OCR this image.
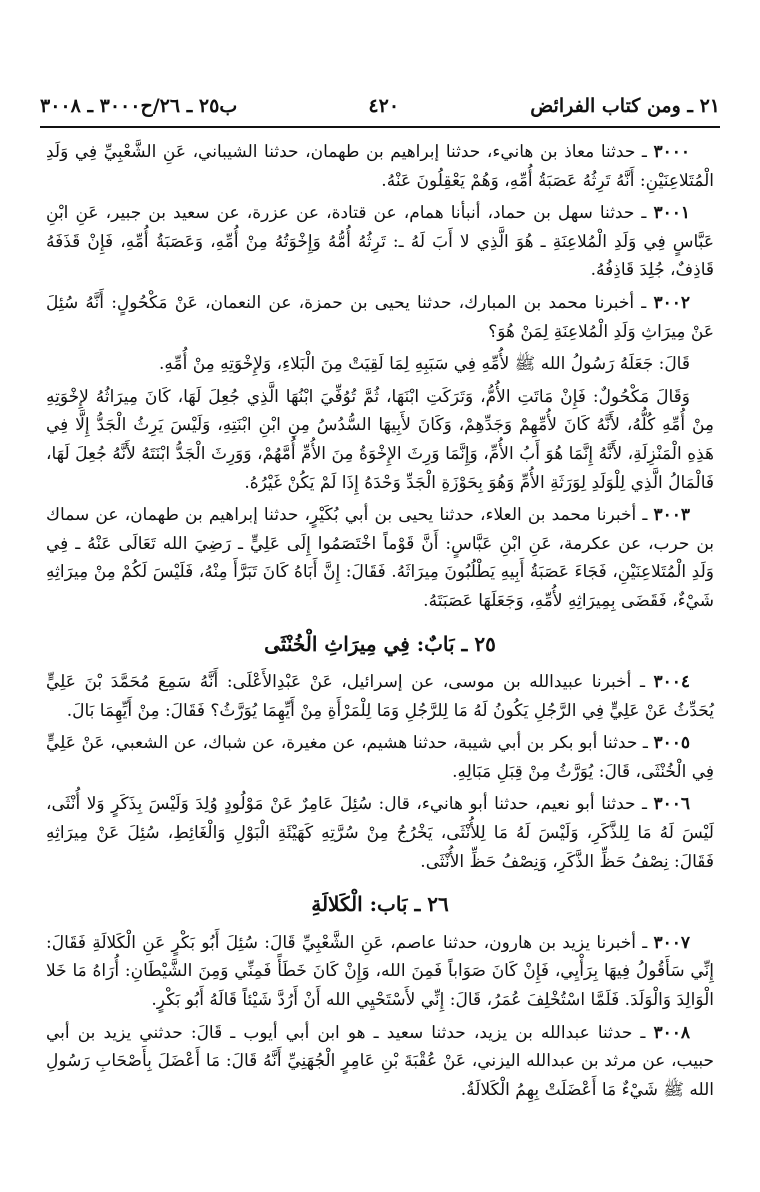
٢١ ـ ومن كتاب الفرائض
٤٢٠
ب٢٥ ـ ٢٦/ح٣٠٠٠ ـ ٣٠٠٨

٣٠٠٠ ـ حدثنا معاذ بن هانيء، حدثنا إبراهيم بن طهمان، حدثنا الشيباني، عَنِ الشَّعْبِيِّ فِي وَلَدِ الْمُتَلاعِنَيْنِ: أَنَّهُ تَرِثُهُ عَصَبَةُ أُمِّهِ، وَهُمْ يَعْقِلُونَ عَنْهُ.

٣٠٠١ ـ حدثنا سهل بن حماد، أنبأنا همام، عن قتادة، عن عزرة، عن سعيد بن جبير، عَنِ ابْنِ عَبَّاسٍ فِي وَلَدِ الْمُلاعِنَةِ ـ هُوَ الَّذِي لا أَبَ لَهُ ـ: تَرِثُهُ أُمُّهُ وَإِخْوَتُهُ مِنْ أُمِّهِ، وَعَصَبَةُ أُمِّهِ، فَإِنْ قَذَفَهُ قَاذِفٌ، جُلِدَ قَاذِفُهُ.

٣٠٠٢ ـ أخبرنا محمد بن المبارك، حدثنا يحيى بن حمزة، عن النعمان، عَنْ مَكْحُولٍ: أَنَّهُ سُئِلَ عَنْ مِيرَاثِ وَلَدِ الْمُلاعِنَةِ لِمَنْ هُوَ؟

قَالَ: جَعَلَهُ رَسُولُ الله ﷺ لأُمِّهِ فِي سَبَبِهِ لِمَا لَقِيَتْ مِنَ الْبَلاءِ، وَلإِخْوَتِهِ مِنْ أُمِّهِ.

وَقَالَ مَكْحُولٌ: فَإِنْ مَاتَتِ الأُمُّ، وَتَرَكَتِ ابْنَهَا، ثُمَّ تُوُفِّيَ ابْنُهَا الَّذِي جُعِلَ لَهَا، كَانَ مِيرَاثُهُ لإِخْوَتِهِ مِنْ أُمِّهِ كُلُّهُ، لأَنَّهُ كَانَ لأُمِّهِمْ وَجَدِّهِمْ، وَكَانَ لأَبِيهَا السُّدُسُ مِنِ ابْنِ ابْنَتِهِ، وَلَيْسَ يَرِثُ الْجَدُّ إِلَّا فِي هَذِهِ الْمَنْزِلَةِ، لأَنَّهُ إِنَّمَا هُوَ أَبُ الأُمِّ، وَإِنَّمَا وَرِثَ الإِخْوَةُ مِنَ الأُمِّ أُمَّهُمْ، وَوَرِثَ الْجَدُّ ابْنَتَهُ لأَنَّهُ جُعِلَ لَهَا، فَالْمَالُ الَّذِي لِلْوَلَدِ لِوَرَثَةِ الأُمِّ وَهُوَ بِحَوْزَةِ الْجَدِّ وَحْدَهُ إِذَا لَمْ يَكُنْ غَيْرُهُ.

٣٠٠٣ ـ أخبرنا محمد بن العلاء، حدثنا يحيى بن أبي بُكَيْرٍ، حدثنا إبراهيم بن طهمان، عن سماك بن حرب، عن عكرمة، عَنِ ابْنِ عَبَّاسٍ: أَنَّ قَوْماً اخْتَصَمُوا إِلَى عَلِيٍّ ـ رَضِيَ الله تَعَالَى عَنْهُ ـ فِي وَلَدِ الْمُتَلاعِنَيْنِ، فَجَاءَ عَصَبَةُ أَبِيهِ يَطْلُبُونَ مِيرَاثَهُ. فَقَالَ: إِنَّ أَبَاهُ كَانَ تَبَرَّأَ مِنْهُ، فَلَيْسَ لَكُمْ مِنْ مِيرَاثِهِ شَيْءٌ، فَقَضَى بِمِيرَاثِهِ لأُمِّهِ، وَجَعَلَهَا عَصَبَتَهُ.

٢٥ ـ بَابٌ: فِي مِيرَاثِ الْخُنْثَى

٣٠٠٤ ـ أخبرنا عبيدالله بن موسى، عن إسرائيل، عَنْ عَبْدِالأَعْلَى: أَنَّهُ سَمِعَ مُحَمَّدَ بْنَ عَلِيٍّ يُحَدِّثُ عَنْ عَلِيٍّ فِي الرَّجُلِ يَكُونُ لَهُ مَا لِلرَّجُلِ وَمَا لِلْمَرْأَةِ مِنْ أَيِّهِمَا يُوَرَّثُ؟ فَقَالَ: مِنْ أَيِّهِمَا بَالَ.

٣٠٠٥ ـ حدثنا أبو بكر بن أبي شيبة، حدثنا هشيم، عن مغيرة، عن شباك، عن الشعبي، عَنْ عَلِيٍّ فِي الْخُنْثَى، قَالَ: يُوَرَّثُ مِنْ قِبَلِ مَبَالِهِ.

٣٠٠٦ ـ حدثنا أبو نعيم، حدثنا أبو هانيء، قال: سُئِلَ عَامِرٌ عَنْ مَوْلُودٍ وُلِدَ وَلَيْسَ بِذَكَرٍ وَلا أُنْثَى، لَيْسَ لَهُ مَا لِلذَّكَرِ، وَلَيْسَ لَهُ مَا لِلأُنْثَى، يَخْرُجُ مِنْ سُرَّتِهِ كَهَيْئَةِ الْبَوْلِ وَالْغَائِطِ، سُئِلَ عَنْ مِيرَاثِهِ فَقَالَ: نِصْفُ حَظِّ الذَّكَرِ، وَنِصْفُ حَظِّ الأُنْثَى.

٢٦ ـ بَاب: الْكَلالَةِ

٣٠٠٧ ـ أخبرنا يزيد بن هارون، حدثنا عاصم، عَنِ الشَّعْبِيِّ قَالَ: سُئِلَ أَبُو بَكْرٍ عَنِ الْكَلالَةِ فَقَالَ: إِنِّي سَأَقُولُ فِيهَا بِرَأْيِي، فَإِنْ كَانَ صَوَاباً فَمِنَ الله، وَإِنْ كَانَ خَطَأً فَمِنِّي وَمِنَ الشَّيْطَانِ: أُرَاهُ مَا خَلا الْوَالِدَ وَالْوَلَدَ. فَلَمَّا اسْتُخْلِفَ عُمَرُ، قَالَ: إِنِّي لأَسْتَحْيِي الله أَنْ أَرُدَّ شَيْئاً قَالَهُ أَبُو بَكْرٍ.

٣٠٠٨ ـ حدثنا عبدالله بن يزيد، حدثنا سعيد ـ هو ابن أبي أيوب ـ قَالَ: حدثني يزيد بن أبي حبيب، عن مرثد بن عبدالله اليزني، عَنْ عُقْبَةَ بْنِ عَامِرٍ الْجُهَنِيِّ أَنَّهُ قَالَ: مَا أَعْضَلَ بِأَصْحَابِ رَسُولِ الله ﷺ شَيْءٌ مَا أَعْضَلَتْ بِهِمُ الْكَلالَةُ.
